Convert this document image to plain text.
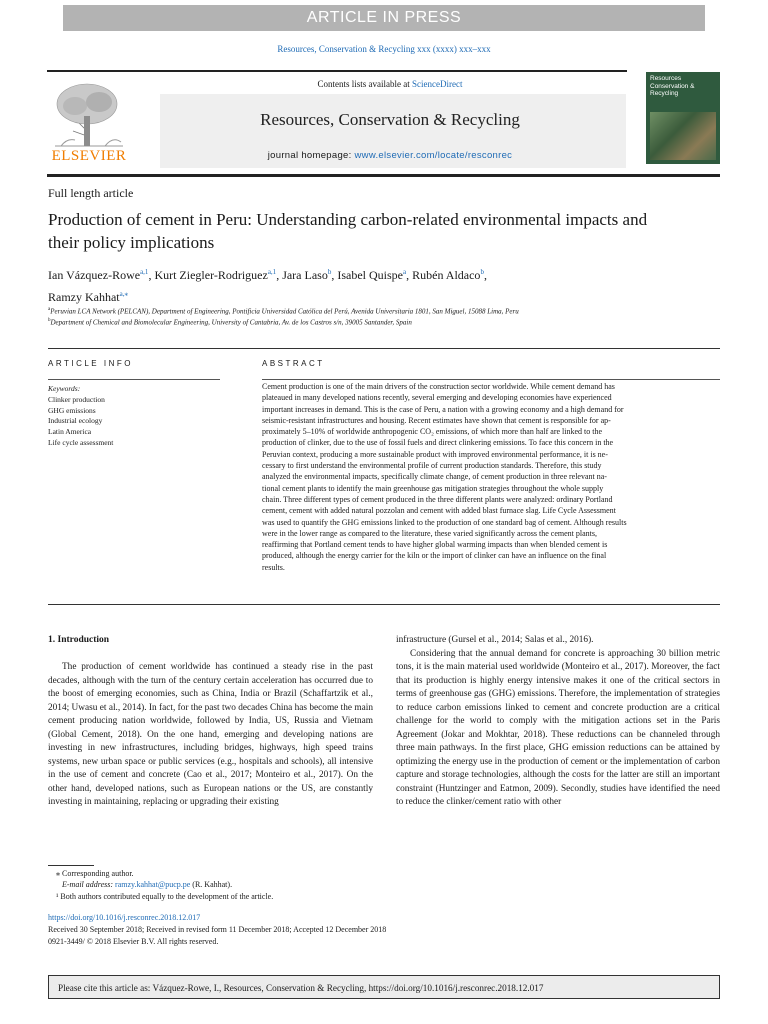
ARTICLE IN PRESS
Resources, Conservation & Recycling xxx (xxxx) xxx–xxx
ELSEVIER
Contents lists available at ScienceDirect
Resources, Conservation & Recycling
journal homepage: www.elsevier.com/locate/resconrec
Resources Conservation & Recycling
Full length article
Production of cement in Peru: Understanding carbon-related environmental impacts and their policy implications
Ian Vázquez-Rowe$^{a,1}$, Kurt Ziegler-Rodriguez$^{a,1}$, Jara Laso$^b$, Isabel Quispe$^a$, Rubén Aldaco$^b$,
Ramzy Kahhat$^{a,⁎}$
$^a$Peruvian LCA Network (PELCAN), Department of Engineering, Pontificia Universidad Católica del Perú, Avenida Universitaria 1801, San Miguel, 15088 Lima, Peru
$^b$Department of Chemical and Biomolecular Engineering, University of Cantabria, Av. de los Castros s/n, 39005 Santander, Spain
ARTICLE INFO	ABSTRACT
Keywords:
Clinker production
GHG emissions
Industrial ecology
Latin America
Life cycle assessment
Cement production is one of the main drivers of the construction sector worldwide. While cement demand has
plateaued in many developed nations recently, several emerging and developing economies have experienced
important increases in demand. This is the case of Peru, a nation with a growing economy and a high demand for
seismic-resistant infrastructures and housing. Recent estimates have shown that cement is responsible for ap-
proximately 5–10% of worldwide anthropogenic CO₂ emissions, of which more than half are linked to the
production of clinker, due to the use of fossil fuels and direct clinkering emissions. To face this concern in the
Peruvian context, producing a more sustainable product with improved environmental performance, it is ne-
cessary to first understand the environmental profile of current production standards. Therefore, this study
analyzed the environmental impacts, specifically climate change, of cement production in three relevant na-
tional cement plants to identify the main greenhouse gas mitigation strategies throughout the whole supply
chain. Three different types of cement produced in the three different plants were analyzed: ordinary Portland
cement, cement with added natural pozzolan and cement with added blast furnace slag. Life Cycle Assessment
was used to quantify the GHG emissions linked to the production of one standard bag of cement. Although results
were in the lower range as compared to the literature, these varied significantly across the cement plants,
reaffirming that Portland cement tends to have higher global warming impacts than when blended cement is
produced, although the energy carrier for the kiln or the import of clinker can have an influence on the final
results.
1. Introduction

The production of cement worldwide has continued a steady rise in the past decades, although with the turn of the century certain acceleration has occurred due to the boost of emerging economies, such as China, India or Brazil (Schaffartzik et al., 2014; Uwasu et al., 2014). In fact, for the past two decades China has become the main cement producing nation worldwide, followed by India, US, Russia and Vietnam (Global Cement, 2018). On the one hand, emerging and developing nations are investing in new infrastructures, including bridges, highways, high speed trains systems, new urban space or public services (e.g., hospitals and schools), all intensive in the use of cement and concrete (Cao et al., 2017; Monteiro et al., 2017). On the other hand, developed nations, such as European nations or the US, are constantly investing in maintaining, replacing or upgrading their existing

infrastructure (Gursel et al., 2014; Salas et al., 2016).

Considering that the annual demand for concrete is approaching 30 billion metric tons, it is the main material used worldwide (Monteiro et al., 2017). Moreover, the fact that its production is highly energy intensive makes it one of the critical sectors in terms of greenhouse gas (GHG) emissions. Therefore, the implementation of strategies to reduce carbon emissions linked to cement and concrete production are a critical challenge for the world to comply with the mitigation actions set in the Paris Agreement (Jokar and Mokhtar, 2018). These reductions can be channeled through three main pathways. In the first place, GHG emission reductions can be attained by optimizing the energy use in the production of cement or the implementation of carbon capture and storage technologies, although the costs for the latter are still an important constraint (Huntzinger and Eatmon, 2009). Secondly, studies have identified the need to reduce the clinker/cement ratio with other

⁎ Corresponding author.
E-mail address: ramzy.kahhat@pucp.pe (R. Kahhat).
¹ Both authors contributed equally to the development of the article.
https://doi.org/10.1016/j.resconrec.2018.12.017
Received 30 September 2018; Received in revised form 11 December 2018; Accepted 12 December 2018
0921-3449/ © 2018 Elsevier B.V. All rights reserved.
Please cite this article as: Vázquez-Rowe, I., Resources, Conservation & Recycling, https://doi.org/10.1016/j.resconrec.2018.12.017
